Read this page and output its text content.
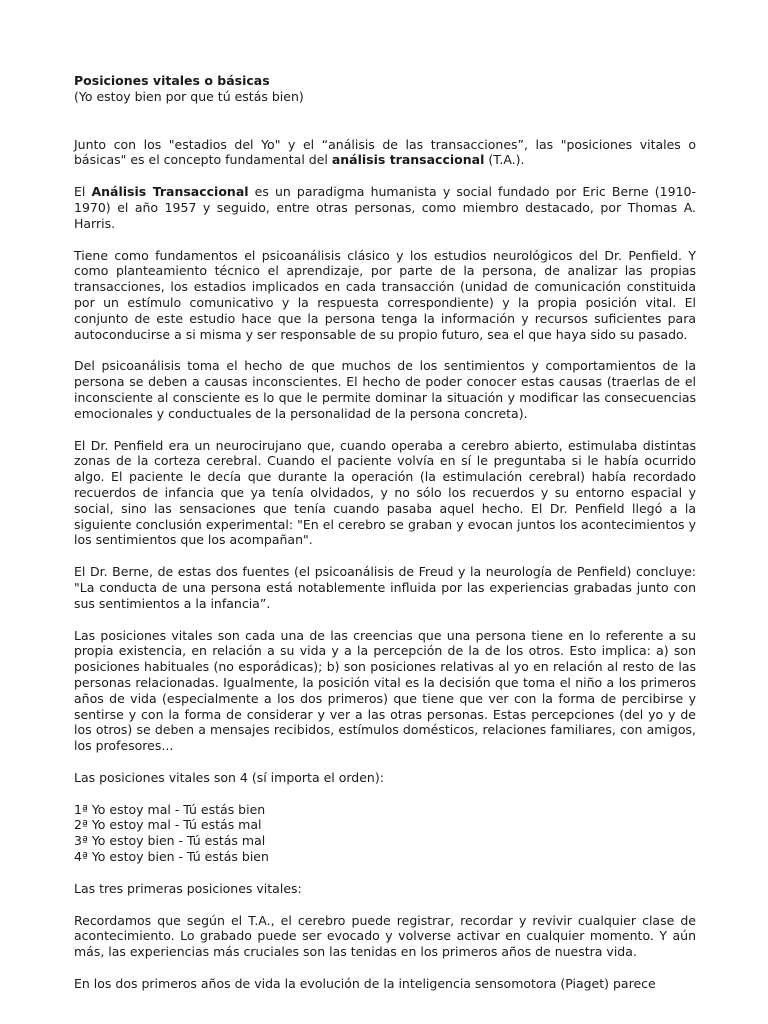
Posiciones vitales o básicas

(Yo estoy bien por que tú estás bien)

Junto con los "estadios del Yo" y el “análisis de las transacciones”, las "posiciones vitales o básicas" es el concepto fundamental del análisis transaccional (T.A.).

El Análisis Transaccional es un paradigma humanista y social fundado por Eric Berne (1910-1970) el año 1957 y seguido, entre otras personas, como miembro destacado, por Thomas A. Harris.

Tiene como fundamentos el psicoanálisis clásico y los estudios neurológicos del Dr. Penfield. Y como planteamiento técnico el aprendizaje, por parte de la persona, de analizar las propias transacciones, los estadios implicados en cada transacción (unidad de comunicación constituida por un estímulo comunicativo y la respuesta correspondiente) y la propia posición vital. El conjunto de este estudio hace que la persona tenga la información y recursos suficientes para autoconducirse a si misma y ser responsable de su propio futuro, sea el que haya sido su pasado.

Del psicoanálisis toma el hecho de que muchos de los sentimientos y comportamientos de la persona se deben a causas inconscientes. El hecho de poder conocer estas causas (traerlas de el inconsciente al consciente es lo que le permite dominar la situación y modificar las consecuencias emocionales y conductuales de la personalidad de la persona concreta).

El Dr. Penfield era un neurocirujano que, cuando operaba a cerebro abierto, estimulaba distintas zonas de la corteza cerebral. Cuando el paciente volvía en sí le preguntaba si le había ocurrido algo. El paciente le decía que durante la operación (la estimulación cerebral) había recordado recuerdos de infancia que ya tenía olvidados, y no sólo los recuerdos y su entorno espacial y social, sino las sensaciones que tenía cuando pasaba aquel hecho. El Dr. Penfield llegó a la siguiente conclusión experimental: "En el cerebro se graban y evocan juntos los acontecimientos y los sentimientos que los acompañan".

El Dr. Berne, de estas dos fuentes (el psicoanálisis de Freud y la neurología de Penfield) concluye: "La conducta de una persona está notablemente influida por las experiencias grabadas junto con sus sentimientos a la infancia”.

Las posiciones vitales son cada una de las creencias que una persona tiene en lo referente a su propia existencia, en relación a su vida y a la percepción de la de los otros. Esto implica: a) son posiciones habituales (no esporádicas); b) son posiciones relativas al yo en relación al resto de las personas relacionadas. Igualmente, la posición vital es la decisión que toma el niño a los primeros años de vida (especialmente a los dos primeros) que tiene que ver con la forma de percibirse y sentirse y con la forma de considerar y ver a las otras personas. Estas percepciones (del yo y de los otros) se deben a mensajes recibidos, estímulos domésticos, relaciones familiares, con amigos, los profesores...

Las posiciones vitales son 4 (sí importa el orden):

1ª Yo estoy mal - Tú estás bien
2ª Yo estoy mal - Tú estás mal
3ª Yo estoy bien - Tú estás mal
4ª Yo estoy bien - Tú estás bien

Las tres primeras posiciones vitales:

Recordamos que según el T.A., el cerebro puede registrar, recordar y revivir cualquier clase de acontecimiento. Lo grabado puede ser evocado y volverse activar en cualquier momento. Y aún más, las experiencias más cruciales son las tenidas en los primeros años de nuestra vida.

En los dos primeros años de vida la evolución de la inteligencia sensomotora (Piaget) parece
